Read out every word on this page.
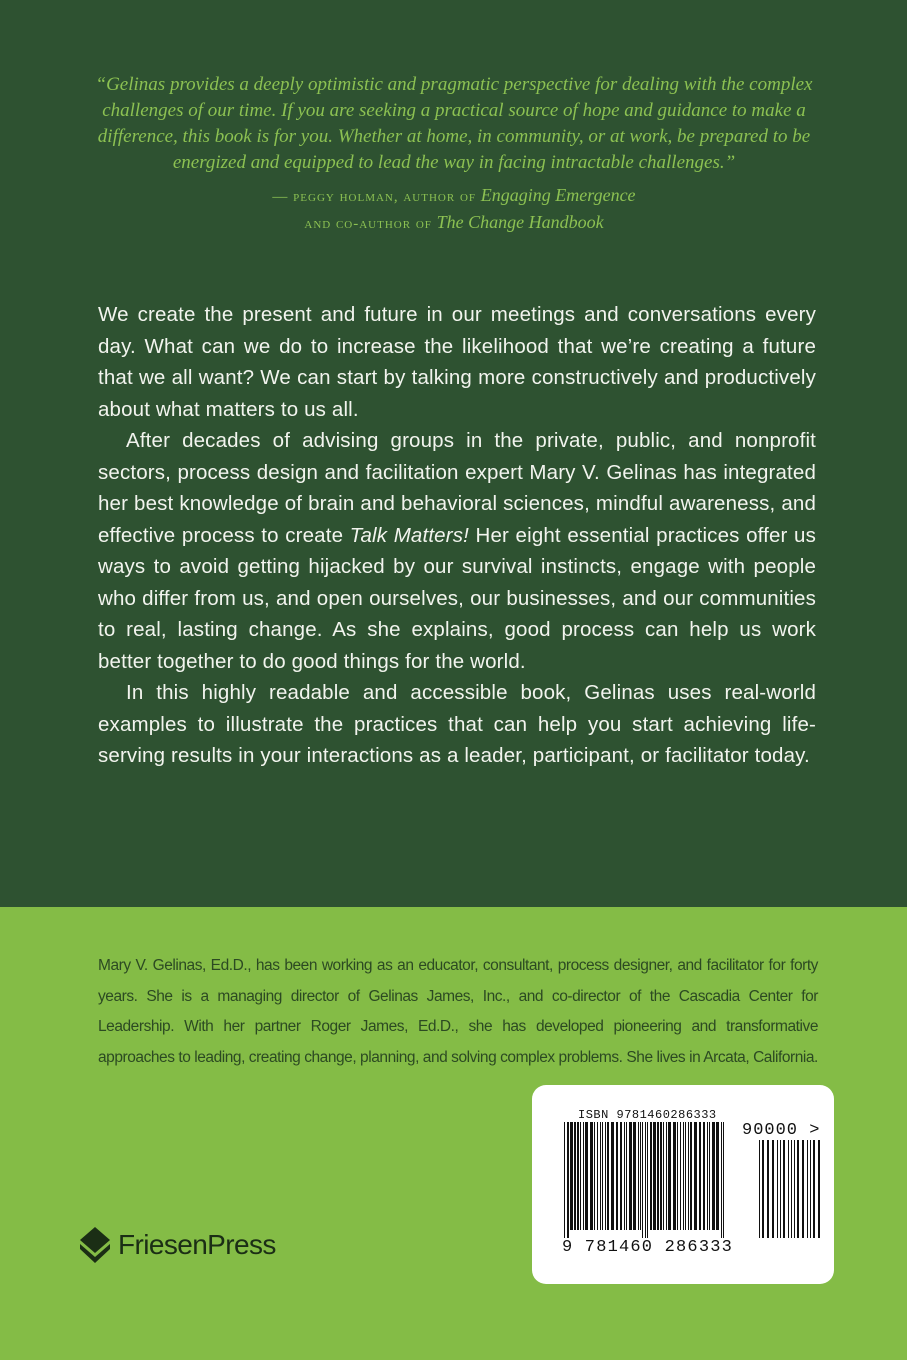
“Gelinas provides a deeply optimistic and pragmatic perspective for dealing with the complex challenges of our time. If you are seeking a practical source of hope and guidance to make a difference, this book is for you. Whether at home, in community, or at work, be prepared to be energized and equipped to lead the way in facing intractable challenges.”
— peggy holman, author of Engaging Emergence
and co-author of The Change Handbook

We create the present and future in our meetings and conversations every day. What can we do to increase the likelihood that we’re creating a future that we all want? We can start by talking more constructively and productively about what matters to us all.

After decades of advising groups in the private, public, and nonprofit sectors, process design and facilitation expert Mary V. Gelinas has integrated her best knowledge of brain and behavioral sciences, mindful awareness, and effective process to create Talk Matters! Her eight essential practices offer us ways to avoid getting hijacked by our survival instincts, engage with people who differ from us, and open ourselves, our businesses, and our communities to real, lasting change. As she explains, good process can help us work better together to do good things for the world.

In this highly readable and accessible book, Gelinas uses real-world examples to illustrate the practices that can help you start achieving life-serving results in your interactions as a leader, participant, or facilitator today.

Mary V. Gelinas, Ed.D., has been working as an educator, consultant, process designer, and facilitator for forty years. She is a managing director of Gelinas James, Inc., and co-director of the Cascadia Center for Leadership. With her partner Roger James, Ed.D., she has developed pioneering and transformative approaches to leading, creating change, planning, and solving complex problems. She lives in Arcata, California.
FriesenPress
ISBN 9781460286333
90000 >
9 781460 286333
